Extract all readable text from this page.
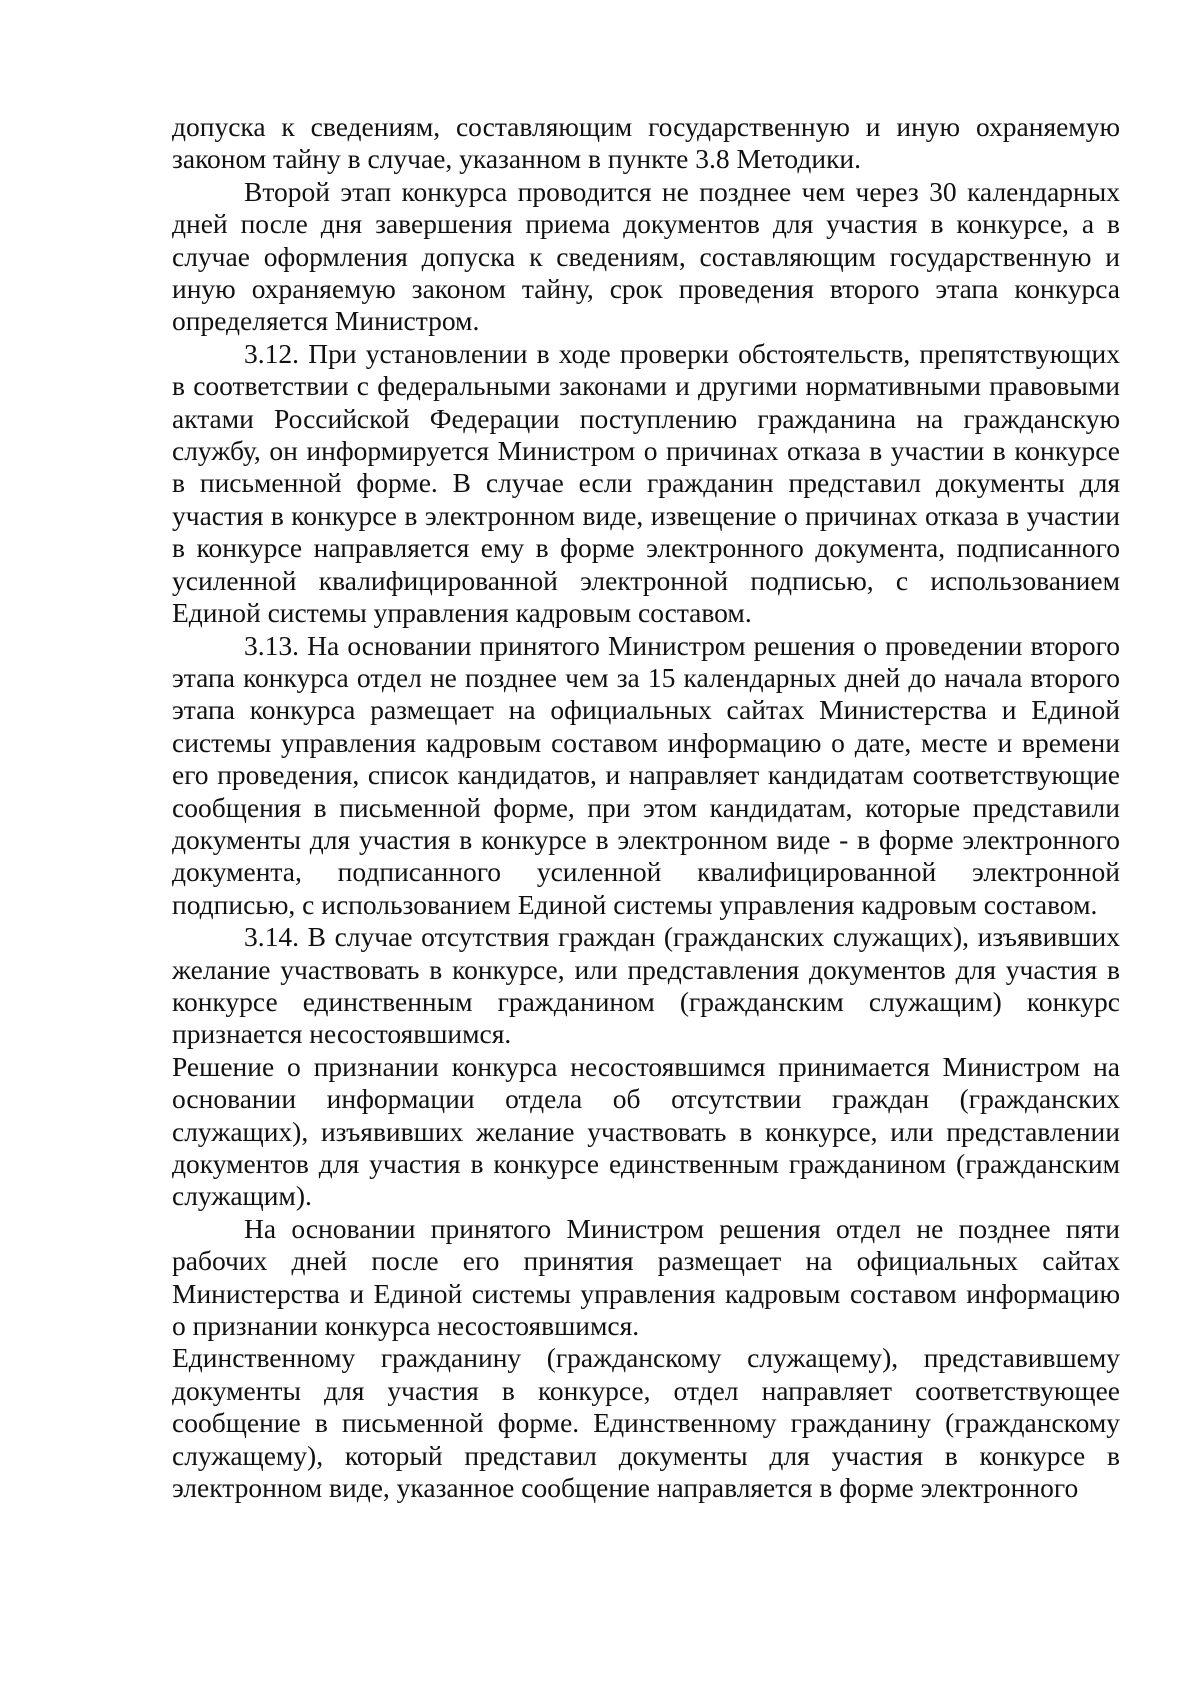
допуска к сведениям, составляющим государственную и иную охраняемую законом тайну в случае, указанном в пункте 3.8 Методики.

Второй этап конкурса проводится не позднее чем через 30 календарных дней после дня завершения приема документов для участия в конкурсе, а в случае оформления допуска к сведениям, составляющим государственную и иную охраняемую законом тайну, срок проведения второго этапа конкурса определяется Министром.

3.12. При установлении в ходе проверки обстоятельств, препятствующих в соответствии с федеральными законами и другими нормативными правовыми актами Российской Федерации поступлению гражданина на гражданскую службу, он информируется Министром о причинах отказа в участии в конкурсе в письменной форме. В случае если гражданин представил документы для участия в конкурсе в электронном виде, извещение о причинах отказа в участии в конкурсе направляется ему в форме электронного документа, подписанного усиленной квалифицированной электронной подписью, с использованием Единой системы управления кадровым составом.

3.13. На основании принятого Министром решения о проведении второго этапа конкурса отдел не позднее чем за 15 календарных дней до начала второго этапа конкурса размещает на официальных сайтах Министерства и Единой системы управления кадровым составом информацию о дате, месте и времени его проведения, список кандидатов, и направляет кандидатам соответствующие сообщения в письменной форме, при этом кандидатам, которые представили документы для участия в конкурсе в электронном виде - в форме электронного документа, подписанного усиленной квалифицированной электронной подписью, с использованием Единой системы управления кадровым составом.

3.14. В случае отсутствия граждан (гражданских служащих), изъявивших желание участвовать в конкурсе, или представления документов для участия в конкурсе единственным гражданином (гражданским служащим) конкурс признается несостоявшимся.

Решение о признании конкурса несостоявшимся принимается Министром на основании информации отдела об отсутствии граждан (гражданских служащих), изъявивших желание участвовать в конкурсе, или представлении документов для участия в конкурсе единственным гражданином (гражданским служащим).

На основании принятого Министром решения отдел не позднее пяти рабочих дней после его принятия размещает на официальных сайтах Министерства и Единой системы управления кадровым составом информацию о признании конкурса несостоявшимся.

Единственному гражданину (гражданскому служащему), представившему документы для участия в конкурсе, отдел направляет соответствующее сообщение в письменной форме. Единственному гражданину (гражданскому служащему), который представил документы для участия в конкурсе в электронном виде, указанное сообщение направляется в форме электронного
